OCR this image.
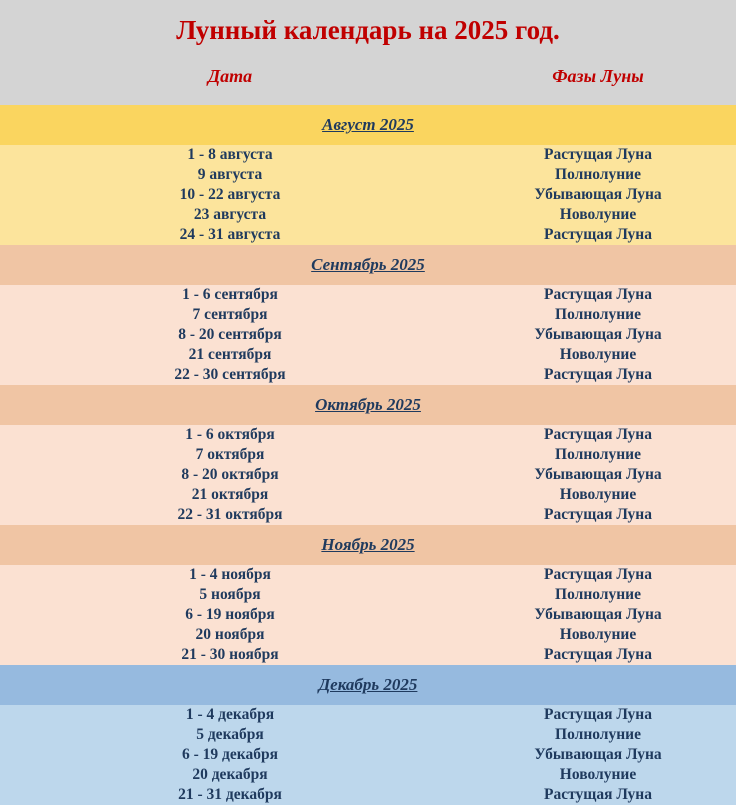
Лунный календарь на 2025 год.
Дата	Фазы Луны
Август 2025
1 - 8 августа	Растущая Луна
9 августа	Полнолуние
10 - 22 августа	Убывающая Луна
23 августа	Новолуние
24 - 31 августа	Растущая Луна
Сентябрь 2025
1 - 6 сентября	Растущая Луна
7 сентября	Полнолуние
8 - 20 сентября	Убывающая Луна
21 сентября	Новолуние
22 - 30 сентября	Растущая Луна
Октябрь 2025
1 - 6 октября	Растущая Луна
7 октября	Полнолуние
8 - 20 октября	Убывающая Луна
21 октября	Новолуние
22 - 31 октября	Растущая Луна
Ноябрь 2025
1 - 4 ноября	Растущая Луна
5 ноября	Полнолуние
6 - 19 ноября	Убывающая Луна
20 ноября	Новолуние
21 - 30 ноября	Растущая Луна
Декабрь 2025
1 - 4 декабря	Растущая Луна
5 декабря	Полнолуние
6 - 19 декабря	Убывающая Луна
20 декабря	Новолуние
21 - 31 декабря	Растущая Луна
